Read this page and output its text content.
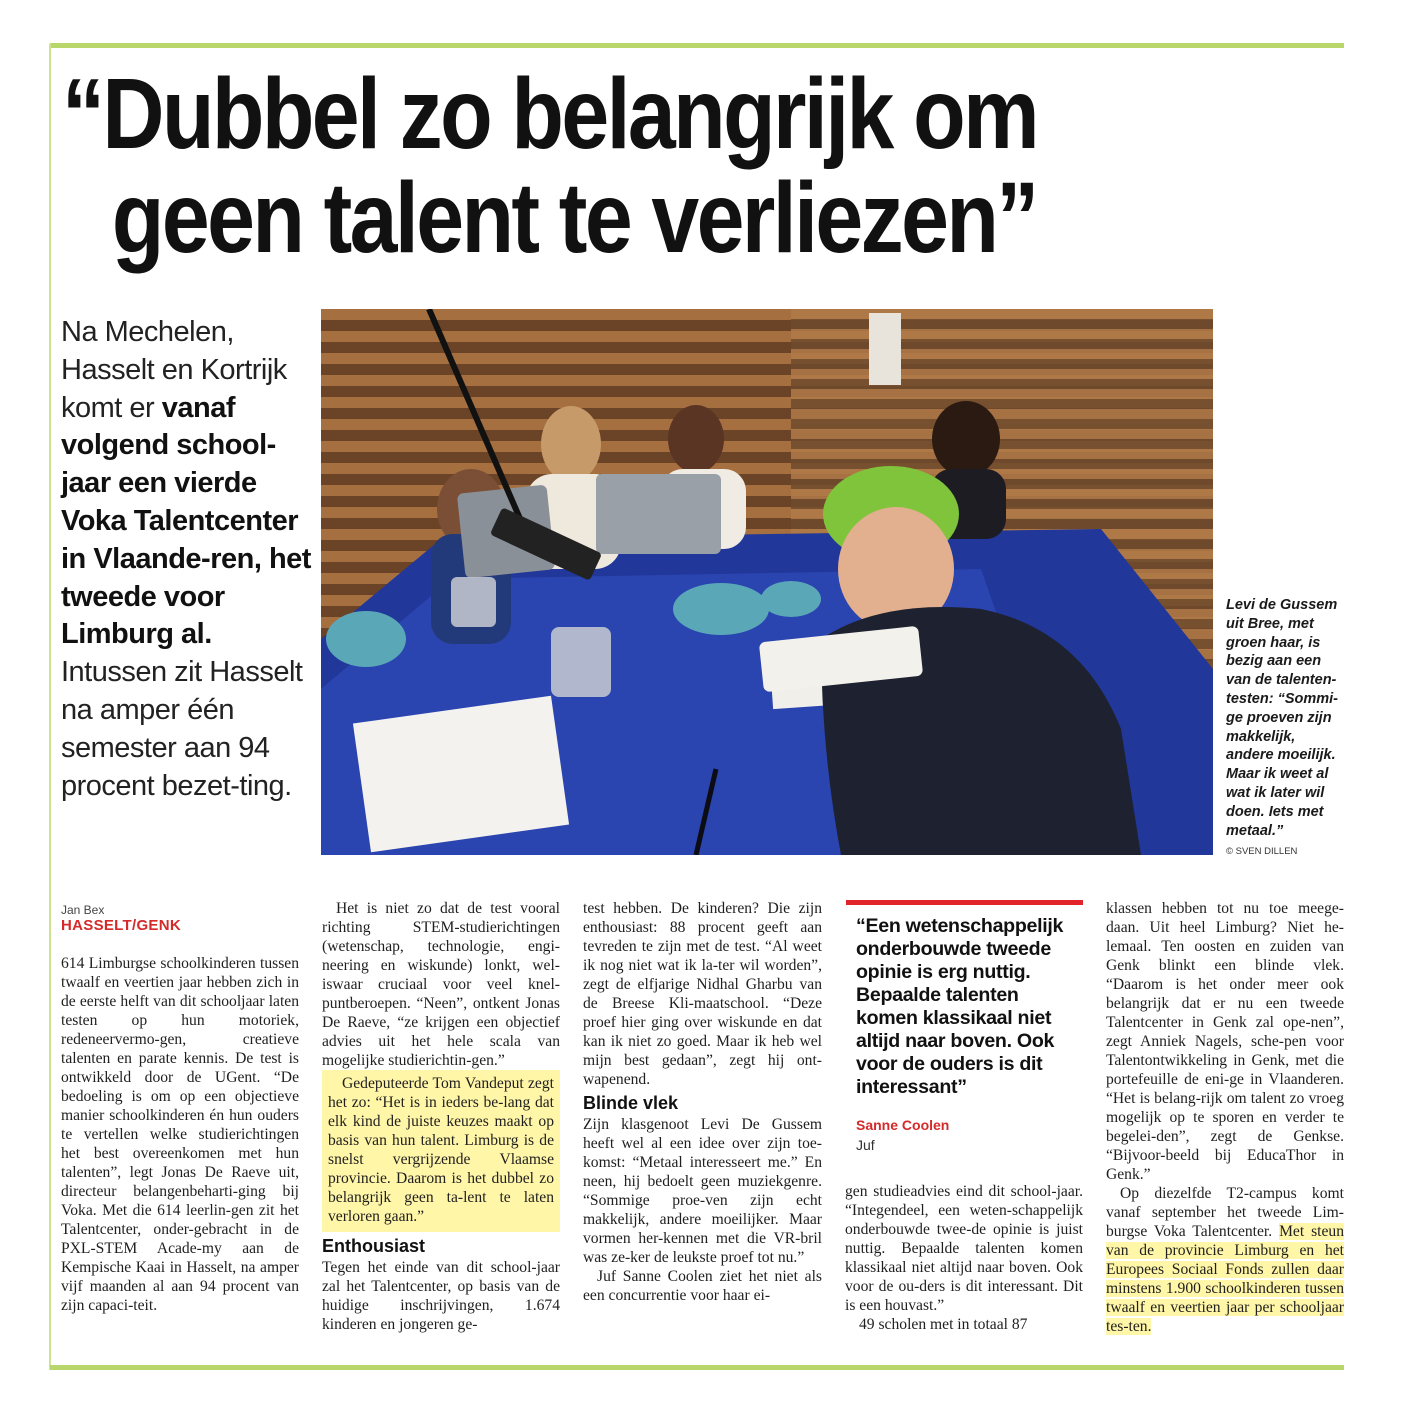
“Dubbel zo belangrijk om
geen talent te verliezen”
Na Mechelen, Hasselt en Kortrijk komt er vanaf volgend school-jaar een vierde Voka Talentcenter in Vlaande-ren, het tweede voor Limburg al. Intussen zit Hasselt na amper één semester aan 94 procent bezet-ting.
Levi de Gussem uit Bree, met groen haar, is bezig aan een van de talenten-testen: “Sommi-ge proeven zijn makkelijk, andere moeilijk. Maar ik weet al wat ik later wil doen. Iets met metaal.”
© SVEN DILLEN
Jan Bex
HASSELT/GENK

614 Limburgse schoolkinderen tussen twaalf en veertien jaar hebben zich in de eerste helft van dit schooljaar laten testen op hun motoriek, redeneervermo-gen, creatieve talenten en parate kennis. De test is ontwikkeld door de UGent. “De bedoeling is om op een objectieve manier schoolkinderen én hun ouders te vertellen welke studierichtingen het best overeenkomen met hun talenten”, legt Jonas De Raeve uit, directeur belangenbeharti-ging bij Voka. Met die 614 leerlin-gen zit het Talentcenter, onder-gebracht in de PXL-STEM Acade-my aan de Kempische Kaai in Hasselt, na amper vijf maanden al aan 94 procent van zijn capaci-teit.

Het is niet zo dat de test vooral richting STEM-studierichtingen (wetenschap, technologie, engi-neering en wiskunde) lonkt, wel-iswaar cruciaal voor veel knel-puntberoepen. “Neen”, ontkent Jonas De Raeve, “ze krijgen een objectief advies uit het hele scala van mogelijke studierichtin-gen.”

Gedeputeerde Tom Vandeput zegt het zo: “Het is in ieders be-lang dat elk kind de juiste keuzes maakt op basis van hun talent. Limburg is de snelst vergrijzende Vlaamse provincie. Daarom is het dubbel zo belangrijk geen ta-lent te laten verloren gaan.”

Enthousiast

Tegen het einde van dit school-jaar zal het Talentcenter, op basis van de huidige inschrijvingen, 1.674 kinderen en jongeren ge-

test hebben. De kinderen? Die zijn enthousiast: 88 procent geeft aan tevreden te zijn met de test. “Al weet ik nog niet wat ik la-ter wil worden”, zegt de elfjarige Nidhal Gharbu van de Breese Kli-maatschool. “Deze proef hier ging over wiskunde en dat kan ik niet zo goed. Maar ik heb wel mijn best gedaan”, zegt hij ont-wapenend.

Blinde vlek

Zijn klasgenoot Levi De Gussem heeft wel al een idee over zijn toe-komst: “Metaal interesseert me.” En neen, hij bedoelt geen muziekgenre. “Sommige proe-ven zijn echt makkelijk, andere moeilijker. Maar vormen her-kennen met die VR-bril was ze-ker de leukste proef tot nu.”

Juf Sanne Coolen ziet het niet als een concurrentie voor haar ei-

“Een wetenschappelijk onderbouwde tweede opinie is erg nuttig. Bepaalde talenten komen klassikaal niet altijd naar boven. Ook voor de ouders is dit interessant”
Sanne Coolen
Juf

gen studieadvies eind dit school-jaar. “Integendeel, een weten-schappelijk onderbouwde twee-de opinie is juist nuttig. Bepaalde talenten komen klassikaal niet altijd naar boven. Ook voor de ou-ders is dit interessant. Dit is een houvast.”

49 scholen met in totaal 87

klassen hebben tot nu toe meege-daan. Uit heel Limburg? Niet he-lemaal. Ten oosten en zuiden van Genk blinkt een blinde vlek. “Daarom is het onder meer ook belangrijk dat er nu een tweede Talentcenter in Genk zal ope-nen”, zegt Anniek Nagels, sche-pen voor Talentontwikkeling in Genk, met die portefeuille de eni-ge in Vlaanderen. “Het is belang-rijk om talent zo vroeg mogelijk op te sporen en verder te begelei-den”, zegt de Genkse. “Bijvoor-beeld bij EducaThor in Genk.”

Op diezelfde T2-campus komt vanaf september het tweede Lim-burgse Voka Talentcenter. Met steun van de provincie Limburg en het Europees Sociaal Fonds zullen daar minstens 1.900 schoolkinderen tussen twaalf en veertien jaar per schooljaar tes-ten.
